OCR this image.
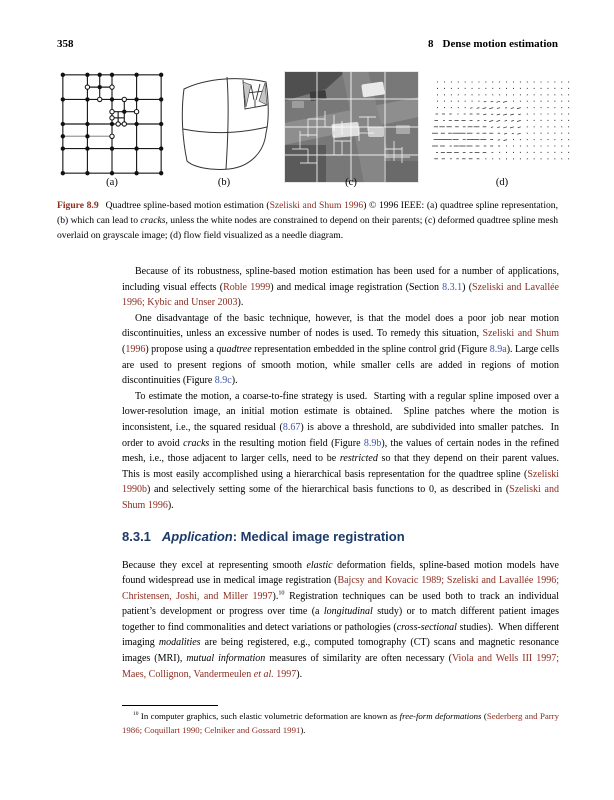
358	8 Dense motion estimation
(a)	(b)	(c)	(d)

Figure 8.9 Quadtree spline-based motion estimation (Szeliski and Shum 1996) © 1996 IEEE: (a) quadtree spline representation, (b) which can lead to cracks, unless the white nodes are constrained to depend on their parents; (c) deformed quadtree spline mesh overlaid on grayscale image; (d) flow field visualized as a needle diagram.

Because of its robustness, spline-based motion estimation has been used for a number of applications, including visual effects (Roble 1999) and medical image registration (Section 8.3.1) (Szeliski and Lavallée 1996; Kybic and Unser 2003).

One disadvantage of the basic technique, however, is that the model does a poor job near motion discontinuities, unless an excessive number of nodes is used. To remedy this situation, Szeliski and Shum (1996) propose using a quadtree representation embedded in the spline control grid (Figure 8.9a). Large cells are used to present regions of smooth motion, while smaller cells are added in regions of motion discontinuities (Figure 8.9c).

To estimate the motion, a coarse-to-fine strategy is used.  Starting with a regular spline imposed over a lower-resolution image, an initial motion estimate is obtained.  Spline patches where the motion is inconsistent, i.e., the squared residual (8.67) is above a threshold, are subdivided into smaller patches.  In order to avoid cracks in the resulting motion field (Figure 8.9b), the values of certain nodes in the refined mesh, i.e., those adjacent to larger cells, need to be restricted so that they depend on their parent values.  This is most easily accomplished using a hierarchical basis representation for the quadtree spline (Szeliski 1990b) and selectively setting some of the hierarchical basis functions to 0, as described in (Szeliski and Shum 1996).

8.3.1 Application: Medical image registration

Because they excel at representing smooth elastic deformation fields, spline-based motion models have found widespread use in medical image registration (Bajcsy and Kovacic 1989; Szeliski and Lavallée 1996; Christensen, Joshi, and Miller 1997).$^{10}$ Registration techniques can be used both to track an individual patient’s development or progress over time (a longitudinal study) or to match different patient images together to find commonalities and detect variations or pathologies (cross-sectional studies).  When different imaging modalities are being registered, e.g., computed tomography (CT) scans and magnetic resonance images (MRI), mutual information measures of similarity are often necessary (Viola and Wells III 1997; Maes, Collignon, Vandermeulen et al. 1997).

$^{10}$ In computer graphics, such elastic volumetric deformation are known as free-form deformations (Sederberg and Parry 1986; Coquillart 1990; Celniker and Gossard 1991).
